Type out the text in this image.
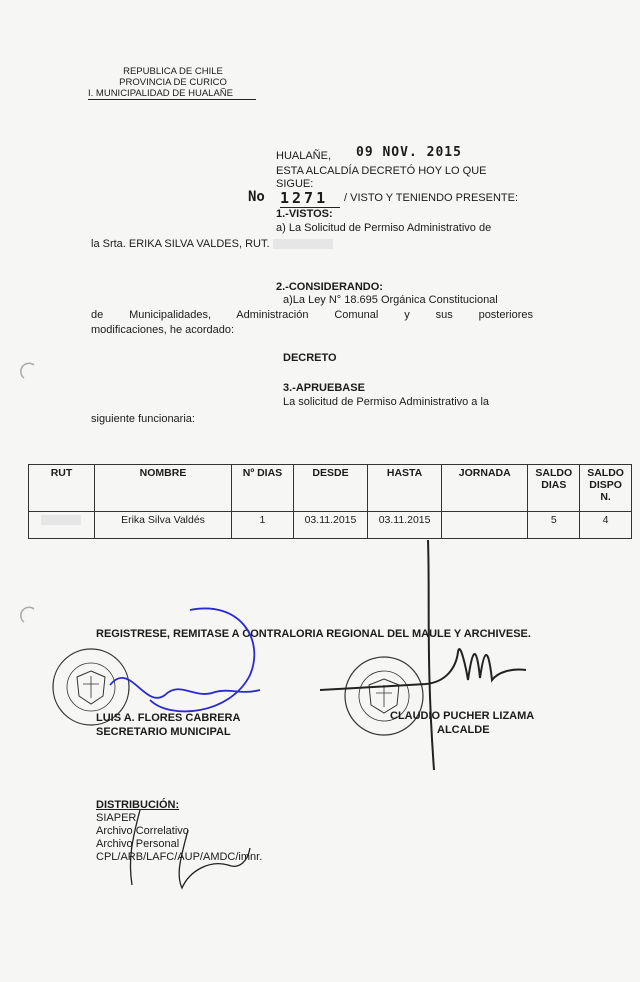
REPUBLICA DE CHILE
PROVINCIA DE CURICO
I. MUNICIPALIDAD DE HUALAÑE
HUALAÑE, 09 NOV. 2015
ESTA ALCALDÍA DECRETÓ HOY LO QUE
SIGUE:
No 1271	/ VISTO Y TENIENDO PRESENTE:
1.-VISTOS:
a) La Solicitud de Permiso Administrativo de
la Srta. ERIKA SILVA VALDES, RUT.
2.-CONSIDERANDO:
a)La Ley N° 18.695 Orgánica Constitucional
de   Municipalidades,   Administración   Comunal   y   sus   posteriores
modificaciones, he acordado:
DECRETO
3.-APRUEBASE
La solicitud de Permiso Administrativo a la
siguiente funcionaria:
RUT	NOMBRE	Nº DIAS	DESDE	HASTA	JORNADA	SALDO DIAS	SALDO DISPO N.
	Erika Silva Valdés	1	03.11.2015	03.11.2015		5	4
REGISTRESE, REMITASE A CONTRALORIA REGIONAL DEL MAULE Y ARCHIVESE.
LUIS A. FLORES CABRERA
SECRETARIO MUNICIPAL
CLAUDIO PUCHER LIZAMA
ALCALDE
DISTRIBUCIÓN:
SIAPER
Archivo Correlativo
Archivo Personal
CPL/ARB/LAFC/AUP/AMDC/imnr.
